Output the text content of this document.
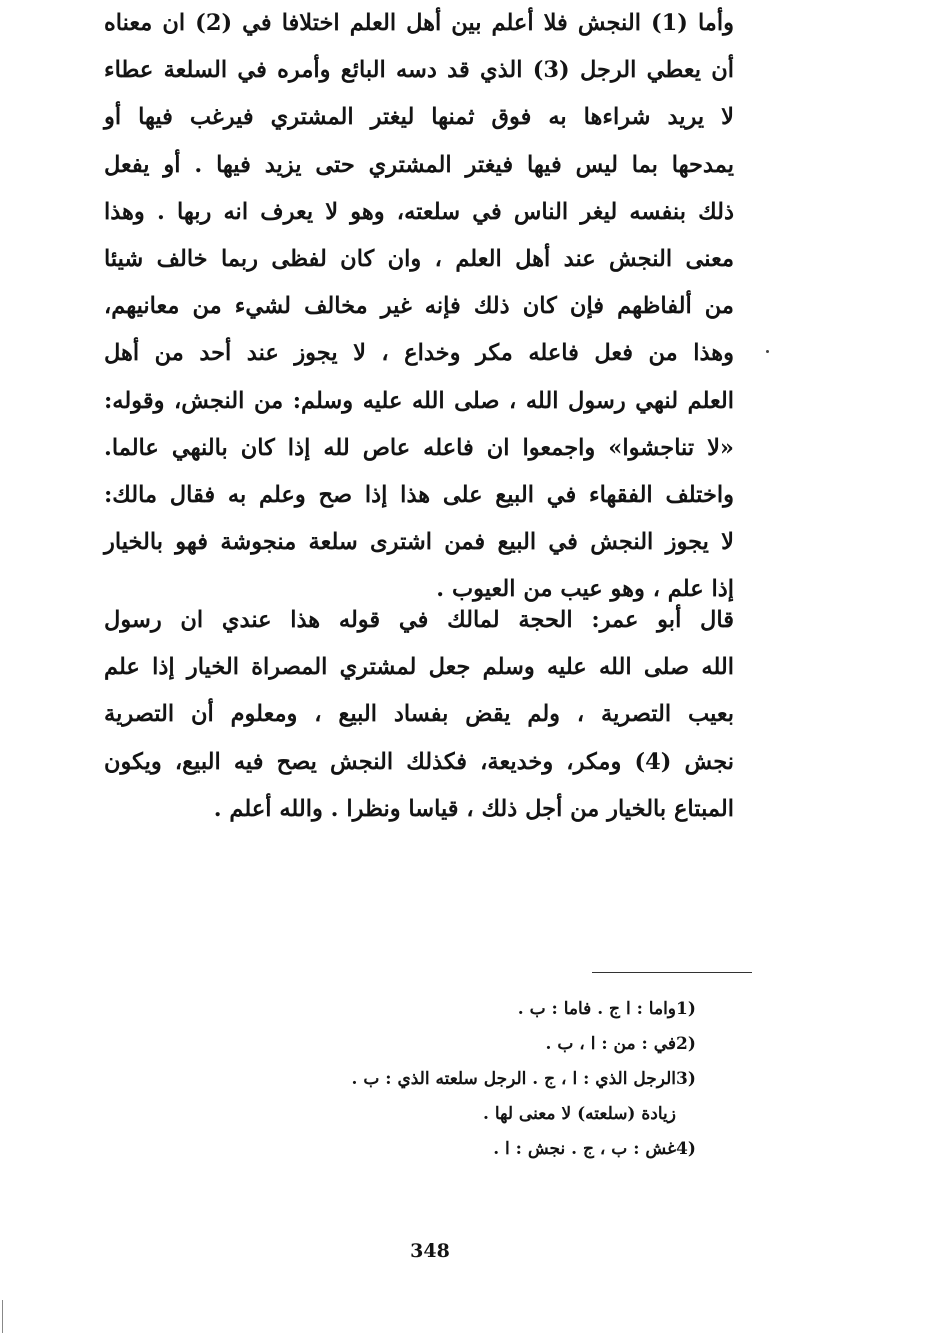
وأما (1) النجش فلا أعلم بين أهل العلم اختلافا في (2) ان معناه
أن يعطي الرجل (3) الذي قد دسه البائع وأمره في السلعة عطاء
لا يريد شراءها به فوق ثمنها ليغتر المشتري فيرغب فيها أو
يمدحها بما ليس فيها فيغتر المشتري حتى يزيد فيها . أو يفعل
ذلك بنفسه ليغر الناس في سلعته، وهو لا يعرف انه ربها . وهذا
معنى النجش عند أهل العلم ، وان كان لفظى ربما خالف شيئا
من ألفاظهم فإن كان ذلك فإنه غير مخالف لشيء من معانيهم،
وهذا من فعل فاعله مكر وخداع ، لا يجوز عند أحد من أهل
العلم لنهي رسول الله ، صلى الله عليه وسلم: من النجش، وقوله:
«لا تناجشوا» واجمعوا ان فاعله عاص لله إذا كان بالنهي عالما.
واختلف الفقهاء في البيع على هذا إذا صح وعلم به فقال مالك:
لا يجوز النجش في البيع فمن اشترى سلعة منجوشة فهو بالخيار
إذا علم ، وهو عيب من العيوب .
قال أبو عمر: الحجة لمالك في قوله هذا عندي ان رسول
الله صلى الله عليه وسلم جعل لمشتري المصراة الخيار إذا علم
بعيب التصرية ، ولم يقض بفساد البيع ، ومعلوم أن التصرية
نجش (4) ومكر، وخديعة، فكذلك النجش يصح فيه البيع، ويكون
المبتاع بالخيار من أجل ذلك ، قياسا ونظرا . والله أعلم .
1)
واما : ا ج . فاما : ب .
2)
في : من : ا ، ب .
3)
الرجل الذي : ا ، ج . الرجل سلعته الذي : ب .
زيادة (سلعته) لا معنى لها .
4)
غش : ب ، ج . نجش : ا .
348
